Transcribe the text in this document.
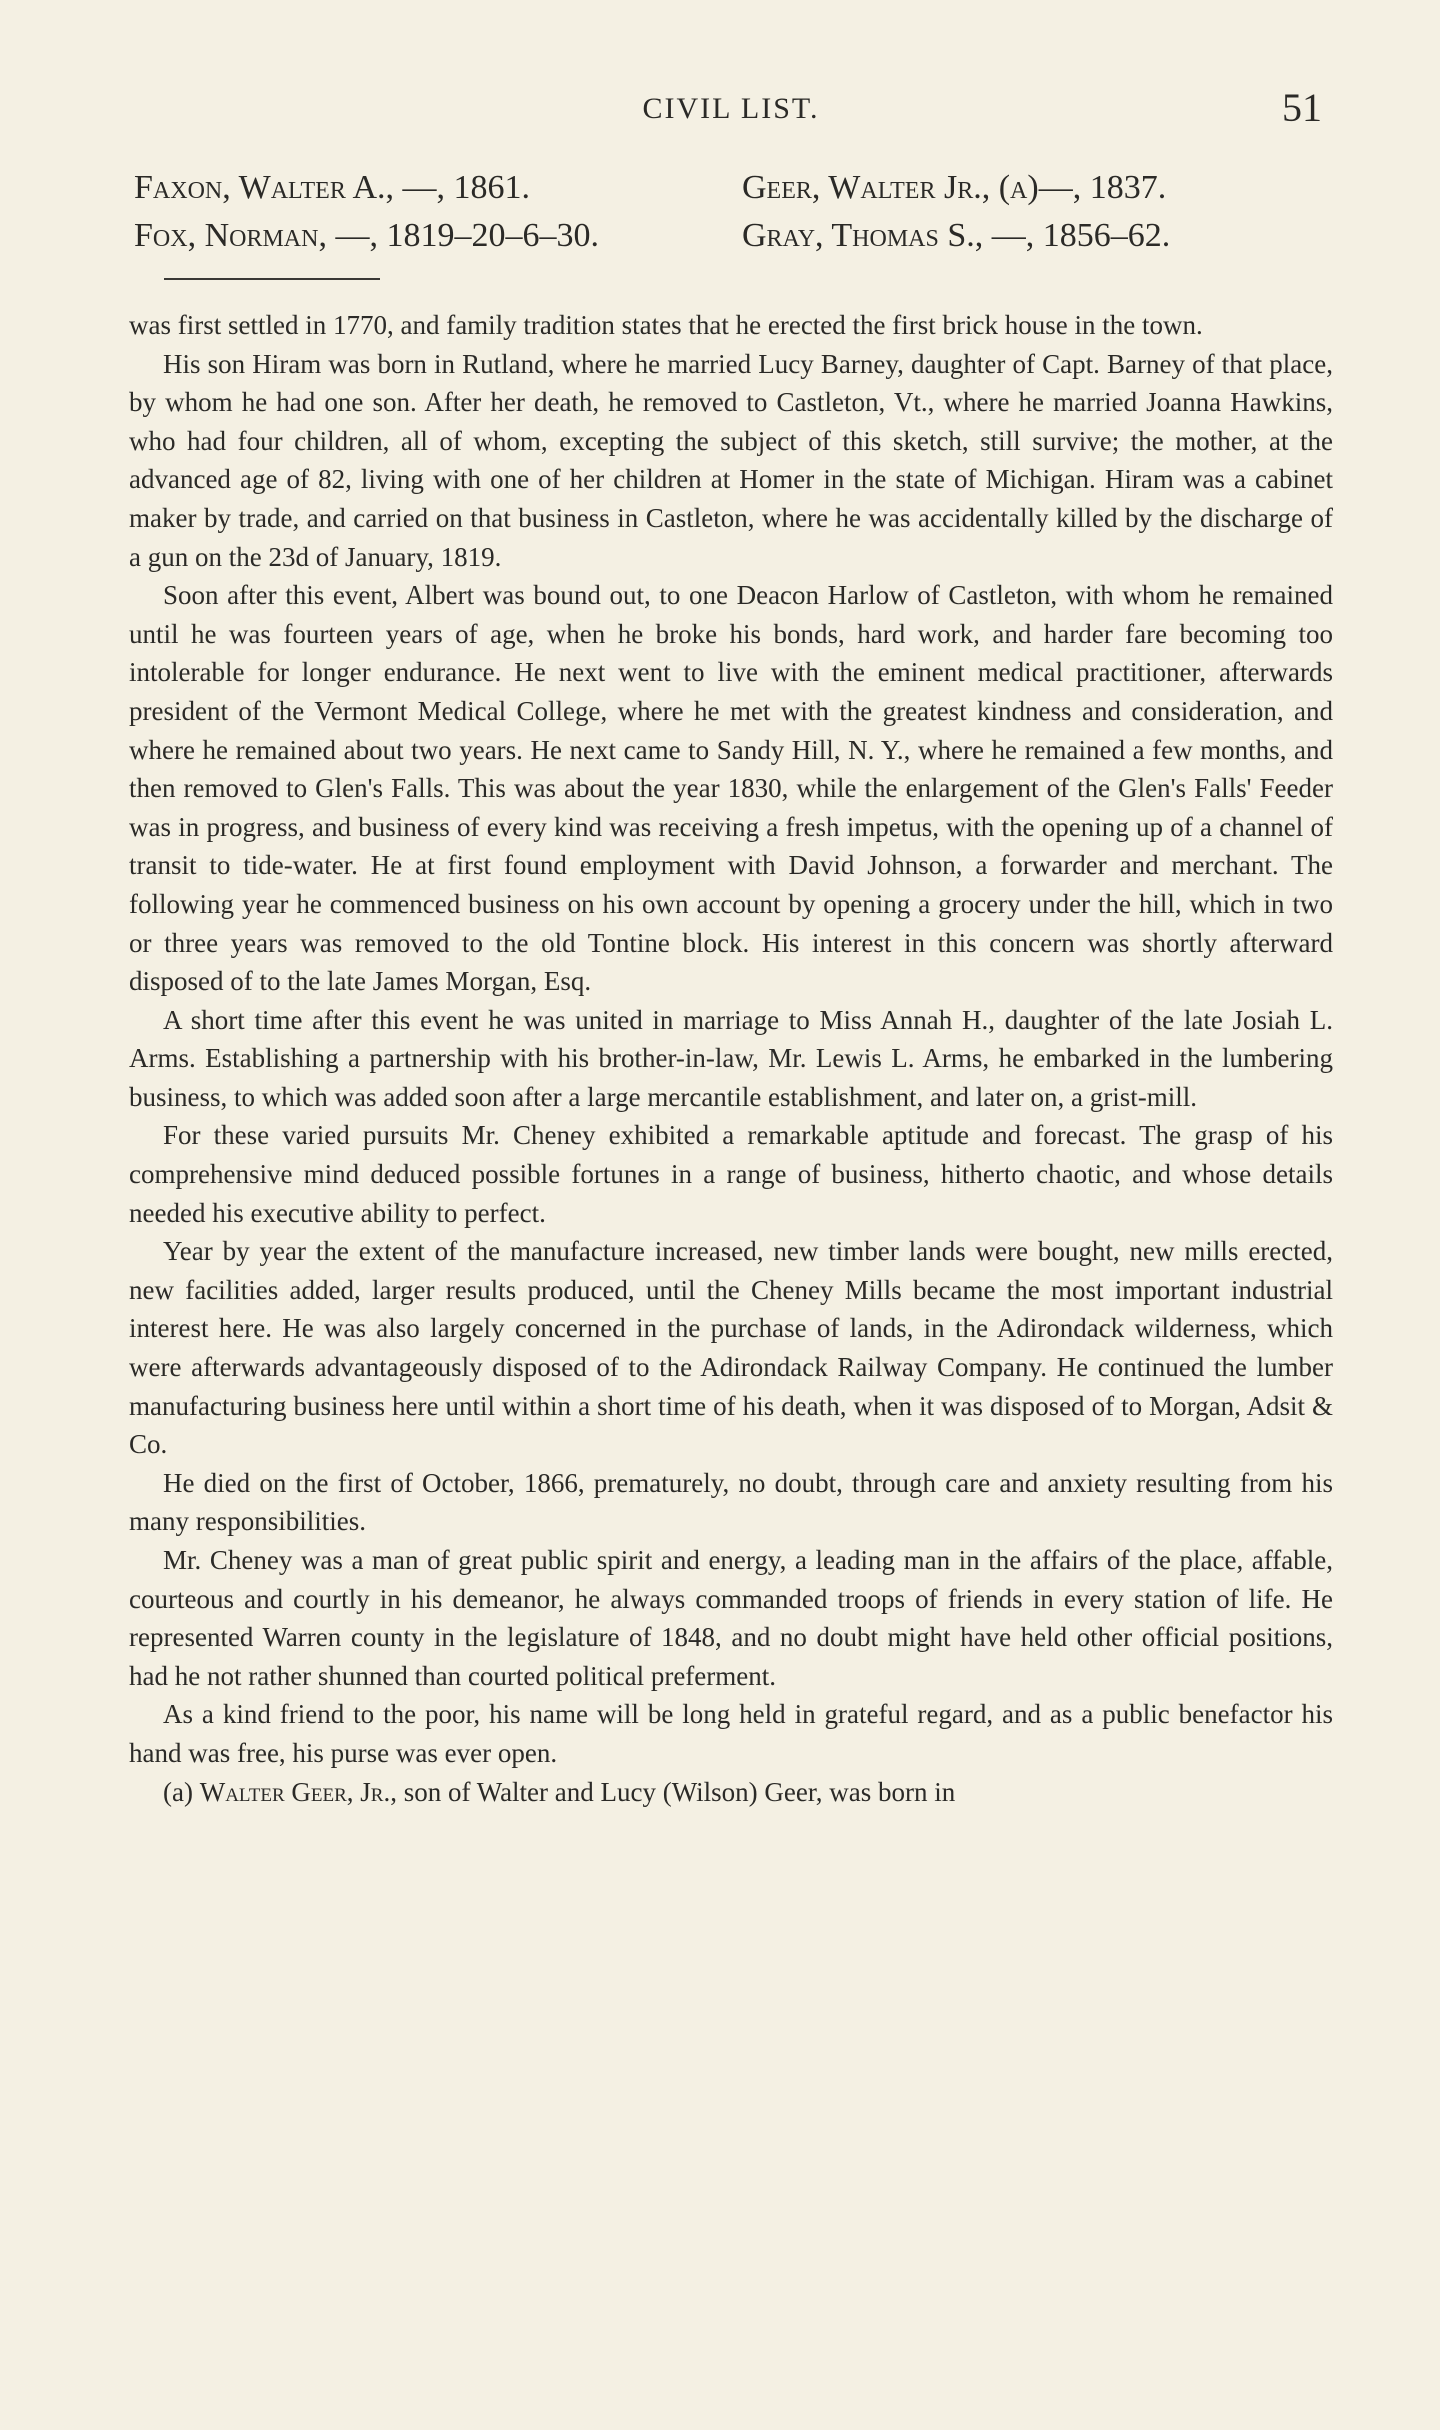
CIVIL LIST.	51
Faxon, Walter A., —, 1861.	Geer, Walter Jr., (a)—, 1837.
Fox, Norman, —, 1819–20–6–30.	Gray, Thomas S., —, 1856–62.

was first settled in 1770, and family tradition states that he erected the first brick house in the town.

His son Hiram was born in Rutland, where he married Lucy Barney, daughter of Capt. Barney of that place, by whom he had one son. After her death, he removed to Castleton, Vt., where he married Joanna Hawkins, who had four children, all of whom, excepting the subject of this sketch, still survive; the mother, at the advanced age of 82, living with one of her children at Homer in the state of Michigan. Hiram was a cabinet maker by trade, and carried on that business in Castleton, where he was accidentally killed by the discharge of a gun on the 23d of January, 1819.

Soon after this event, Albert was bound out, to one Deacon Harlow of Castleton, with whom he remained until he was fourteen years of age, when he broke his bonds, hard work, and harder fare becoming too intolerable for longer endurance. He next went to live with the eminent medical practitioner, afterwards president of the Vermont Medical College, where he met with the greatest kindness and consideration, and where he remained about two years. He next came to Sandy Hill, N. Y., where he remained a few months, and then removed to Glen's Falls. This was about the year 1830, while the enlargement of the Glen's Falls' Feeder was in progress, and business of every kind was receiving a fresh impetus, with the opening up of a channel of transit to tide-water. He at first found employment with David Johnson, a forwarder and merchant. The following year he commenced business on his own account by opening a grocery under the hill, which in two or three years was removed to the old Tontine block. His interest in this concern was shortly afterward disposed of to the late James Morgan, Esq.

A short time after this event he was united in marriage to Miss Annah H., daughter of the late Josiah L. Arms. Establishing a partnership with his brother-in-law, Mr. Lewis L. Arms, he embarked in the lumbering business, to which was added soon after a large mercantile establishment, and later on, a grist-mill.

For these varied pursuits Mr. Cheney exhibited a remarkable aptitude and forecast. The grasp of his comprehensive mind deduced possible fortunes in a range of business, hitherto chaotic, and whose details needed his executive ability to perfect.

Year by year the extent of the manufacture increased, new timber lands were bought, new mills erected, new facilities added, larger results produced, until the Cheney Mills became the most important industrial interest here. He was also largely concerned in the purchase of lands, in the Adirondack wilderness, which were afterwards advantageously disposed of to the Adirondack Railway Company. He continued the lumber manufacturing business here until within a short time of his death, when it was disposed of to Morgan, Adsit & Co.

He died on the first of October, 1866, prematurely, no doubt, through care and anxiety resulting from his many responsibilities.

Mr. Cheney was a man of great public spirit and energy, a leading man in the affairs of the place, affable, courteous and courtly in his demeanor, he always commanded troops of friends in every station of life. He represented Warren county in the legislature of 1848, and no doubt might have held other official positions, had he not rather shunned than courted political preferment.

As a kind friend to the poor, his name will be long held in grateful regard, and as a public benefactor his hand was free, his purse was ever open.

(a) Walter Geer, Jr., son of Walter and Lucy (Wilson) Geer, was born in
